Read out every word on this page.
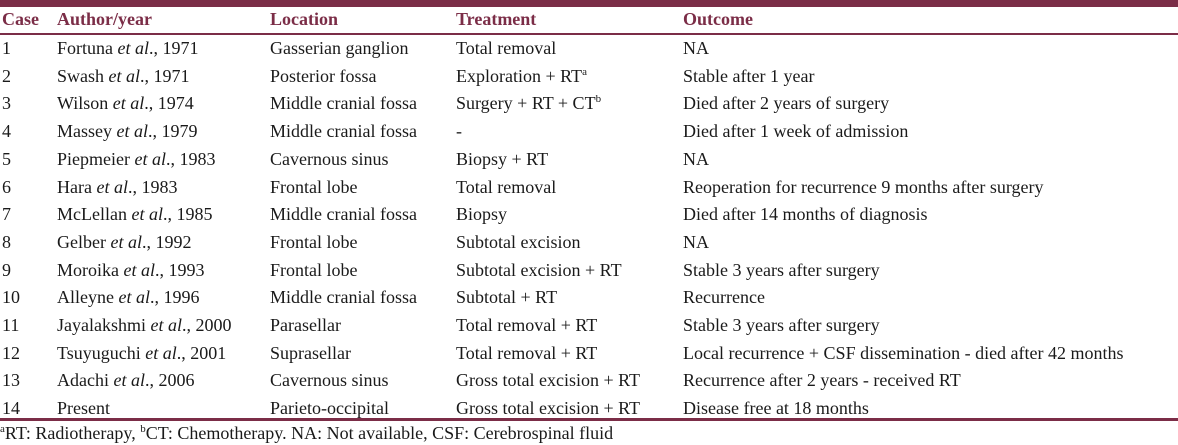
Case	Author/year	Location	Treatment	Outcome
1	Fortuna et al., 1971	Gasserian ganglion	Total removal	NA
2	Swash et al., 1971	Posterior fossa	Exploration + $RT^a$	Stable after 1 year
3	Wilson et al., 1974	Middle cranial fossa	Surgery + RT + $CT^b$	Died after 2 years of surgery
4	Massey et al., 1979	Middle cranial fossa	-	Died after 1 week of admission
5	Piepmeier et al., 1983	Cavernous sinus	Biopsy + RT	NA
6	Hara et al., 1983	Frontal lobe	Total removal	Reoperation for recurrence 9 months after surgery
7	McLellan et al., 1985	Middle cranial fossa	Biopsy	Died after 14 months of diagnosis
8	Gelber et al., 1992	Frontal lobe	Subtotal excision	NA
9	Moroika et al., 1993	Frontal lobe	Subtotal excision + RT	Stable 3 years after surgery
10	Alleyne et al., 1996	Middle cranial fossa	Subtotal + RT	Recurrence
11	Jayalakshmi et al., 2000	Parasellar	Total removal + RT	Stable 3 years after surgery
12	Tsuyuguchi et al., 2001	Suprasellar	Total removal + RT	Local recurrence + CSF dissemination - died after 42 months
13	Adachi et al., 2006	Cavernous sinus	Gross total excision + RT	Recurrence after 2 years - received RT
14	Present	Parieto-occipital	Gross total excision + RT	Disease free at 18 months
$^a$RT: Radiotherapy, $^b$CT: Chemotherapy. NA: Not available, CSF: Cerebrospinal fluid
